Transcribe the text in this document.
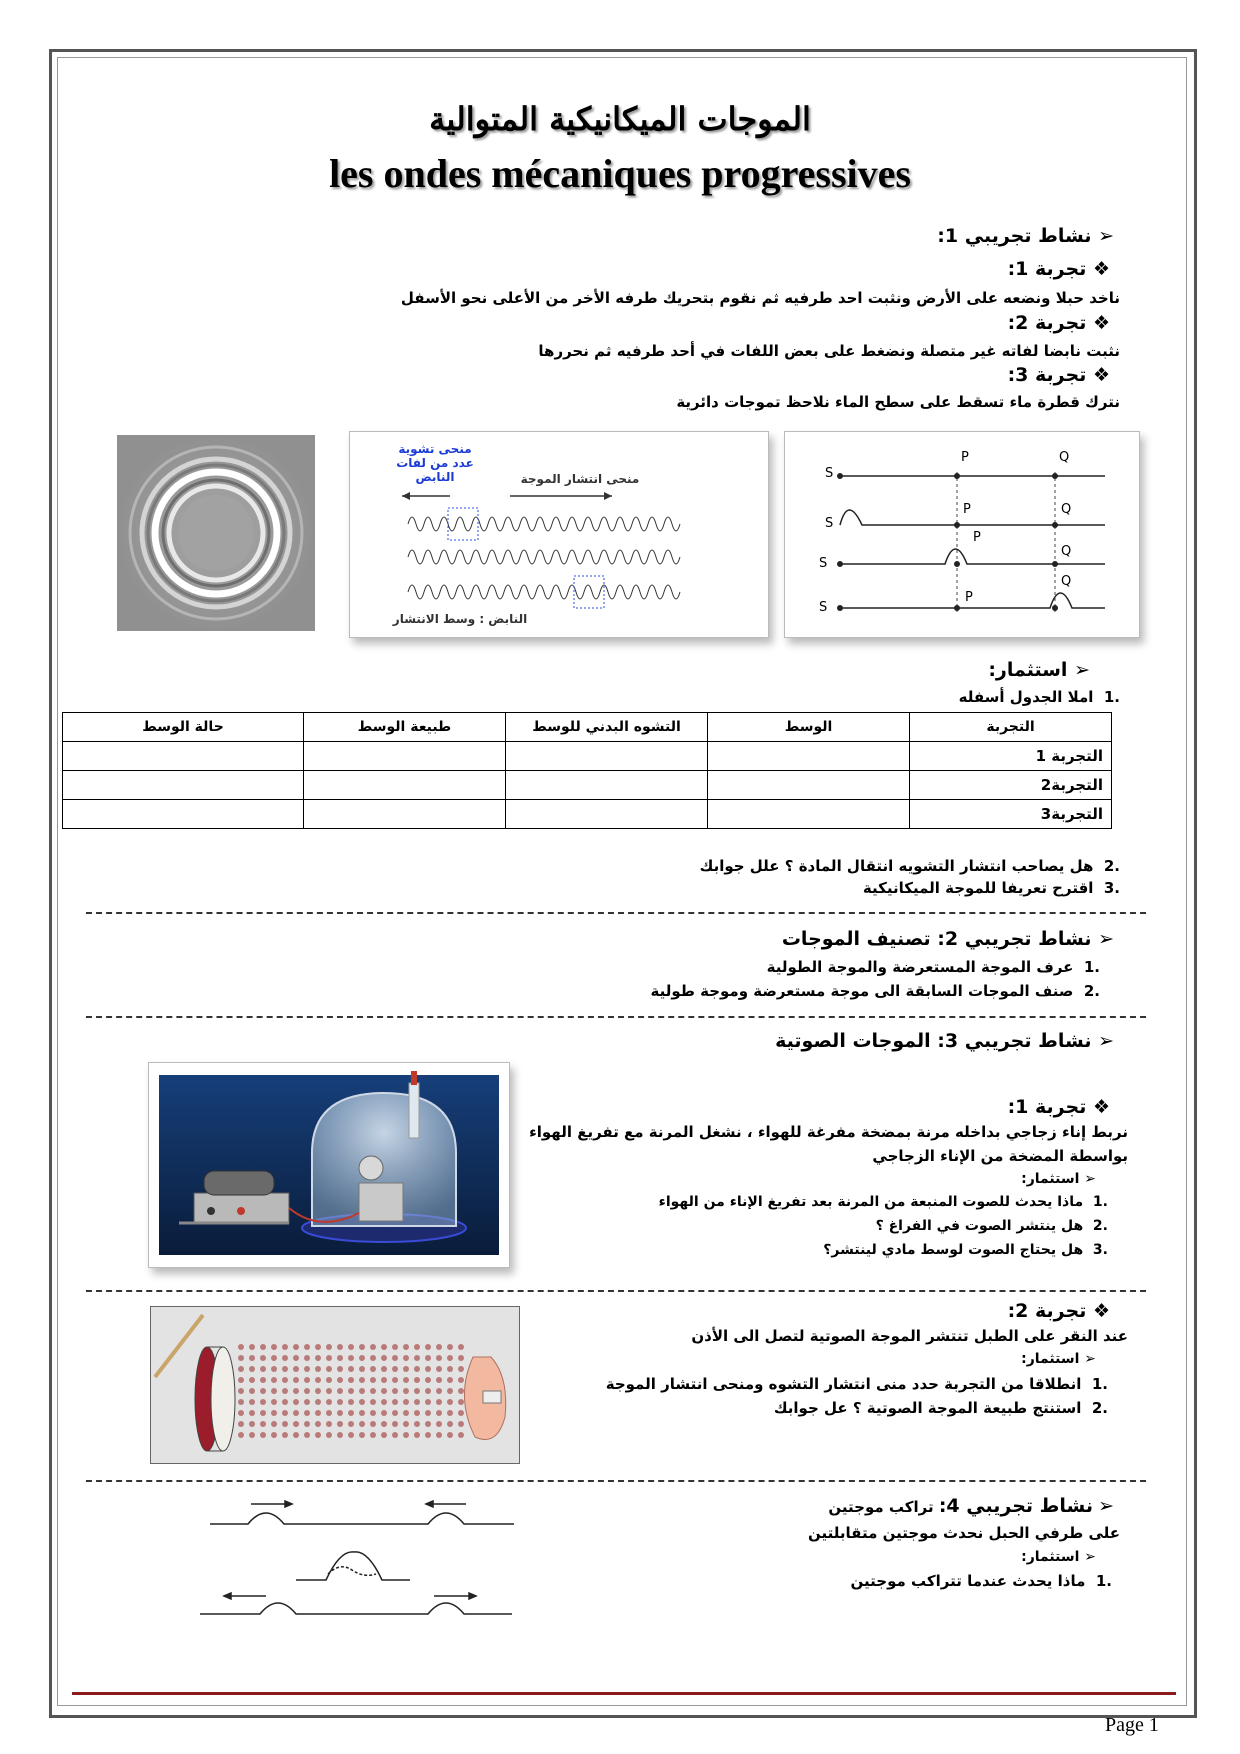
الموجات الميكانيكية المتوالية
les ondes mécaniques progressives
➢ نشاط تجريبي 1:
❖ تجربة 1:
ناخد حبلا ونضعه على الأرض ونثبت احد طرفيه ثم نقوم بتحريك طرفه الأخر من الأعلى نحو الأسفل
❖ تجربة 2:
نثبت نابضا لفاته غير متصلة ونضغط على بعض اللفات في أحد طرفيه ثم نحررها
❖ تجربة 3:
نترك قطرة ماء تسقط على سطح الماء نلاحظ تموجات دائرية
منحى تشوية عدد من لفات النابض	منحى انتشار الموجة
النابض : وسط الانتشار
S
P	Q
S
P	Q
S
P
Q
S
P
Q
➢ استثمار:
.1  املا الجدول أسفله
التجربة	الوسط	التشوه البدني للوسط	طبيعة الوسط	حالة الوسط
التجربة 1				
التجربة2				
التجربة3				
.2  هل يصاحب انتشار التشويه انتقال المادة ؟ علل جوابك
.3  اقترح تعريفا للموجة الميكانيكية
➢ نشاط تجريبي 2: تصنيف الموجات
.1  عرف الموجة المستعرضة والموجة الطولية
.2  صنف الموجات السابقة الى موجة مستعرضة وموجة طولية
➢ نشاط تجريبي 3: الموجات الصوتية
❖ تجربة 1:
نربط إناء زجاجي بداخله مرنة بمضخة مفرغة للهواء ، نشغل المرنة مع تفريغ الهواء
بواسطة المضخة من الإناء الزجاجي
➢ استثمار:
.1  ماذا يحدث للصوت المنبعة من المرنة بعد تفريغ الإناء من الهواء
.2  هل ينتشر الصوت في الفراغ ؟
.3  هل يحتاج الصوت لوسط مادي لينتشر؟
❖ تجربة 2:
عند النقر على الطبل تنتشر الموجة الصوتية لتصل الى الأذن
➢ استثمار:
.1  انطلاقا من التجربة حدد منى انتشار التشوه ومنحى انتشار الموجة
.2  استنتج طبيعة الموجة الصوتية ؟ عل جوابك
➢ نشاط تجريبي 4: تراكب موجتين
على طرفي الحبل نحدث موجتين متقابلتين
➢ استثمار:
.1  ماذا يحدث عندما تتراكب موجتين
Page 1
